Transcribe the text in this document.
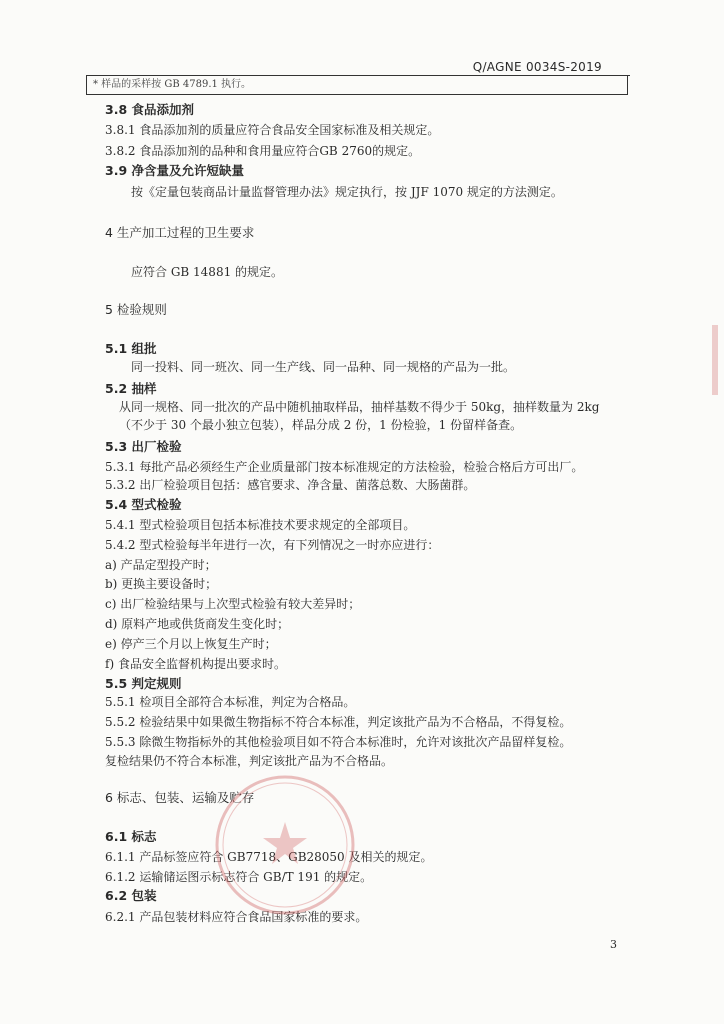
Q/AGNE 0034S-2019
* 样品的采样按 GB 4789.1 执行。
3.8 食品添加剂
3.8.1 食品添加剂的质量应符合食品安全国家标准及相关规定。
3.8.2 食品添加剂的品种和食用量应符合GB 2760的规定。
3.9 净含量及允许短缺量
按《定量包装商品计量监督管理办法》规定执行，按 JJF 1070 规定的方法测定。
4 生产加工过程的卫生要求
应符合 GB 14881 的规定。
5 检验规则
5.1 组批
同一投料、同一班次、同一生产线、同一品种、同一规格的产品为一批。
5.2 抽样
从同一规格、同一批次的产品中随机抽取样品，抽样基数不得少于 50kg，抽样数量为 2kg
（不少于 30 个最小独立包装），样品分成 2 份，1 份检验，1 份留样备查。
5.3 出厂检验
5.3.1 每批产品必须经生产企业质量部门按本标准规定的方法检验，检验合格后方可出厂。
5.3.2 出厂检验项目包括：感官要求、净含量、菌落总数、大肠菌群。
5.4 型式检验
5.4.1 型式检验项目包括本标准技术要求规定的全部项目。
5.4.2 型式检验每半年进行一次，有下列情况之一时亦应进行：
a) 产品定型投产时；
b) 更换主要设备时；
c) 出厂检验结果与上次型式检验有较大差异时；
d) 原料产地或供货商发生变化时；
e) 停产三个月以上恢复生产时；
f) 食品安全监督机构提出要求时。
5.5 判定规则
5.5.1 检项目全部符合本标准，判定为合格品。
5.5.2 检验结果中如果微生物指标不符合本标准，判定该批产品为不合格品，不得复检。
5.5.3 除微生物指标外的其他检验项目如不符合本标准时，允许对该批次产品留样复检。
复检结果仍不符合本标准，判定该批产品为不合格品。
6 标志、包装、运输及贮存
6.1 标志
6.1.1 产品标签应符合 GB7718、GB28050 及相关的规定。
6.1.2 运输储运图示标志符合 GB/T 191 的规定。
6.2 包装
6.2.1 产品包装材料应符合食品国家标准的要求。
3
